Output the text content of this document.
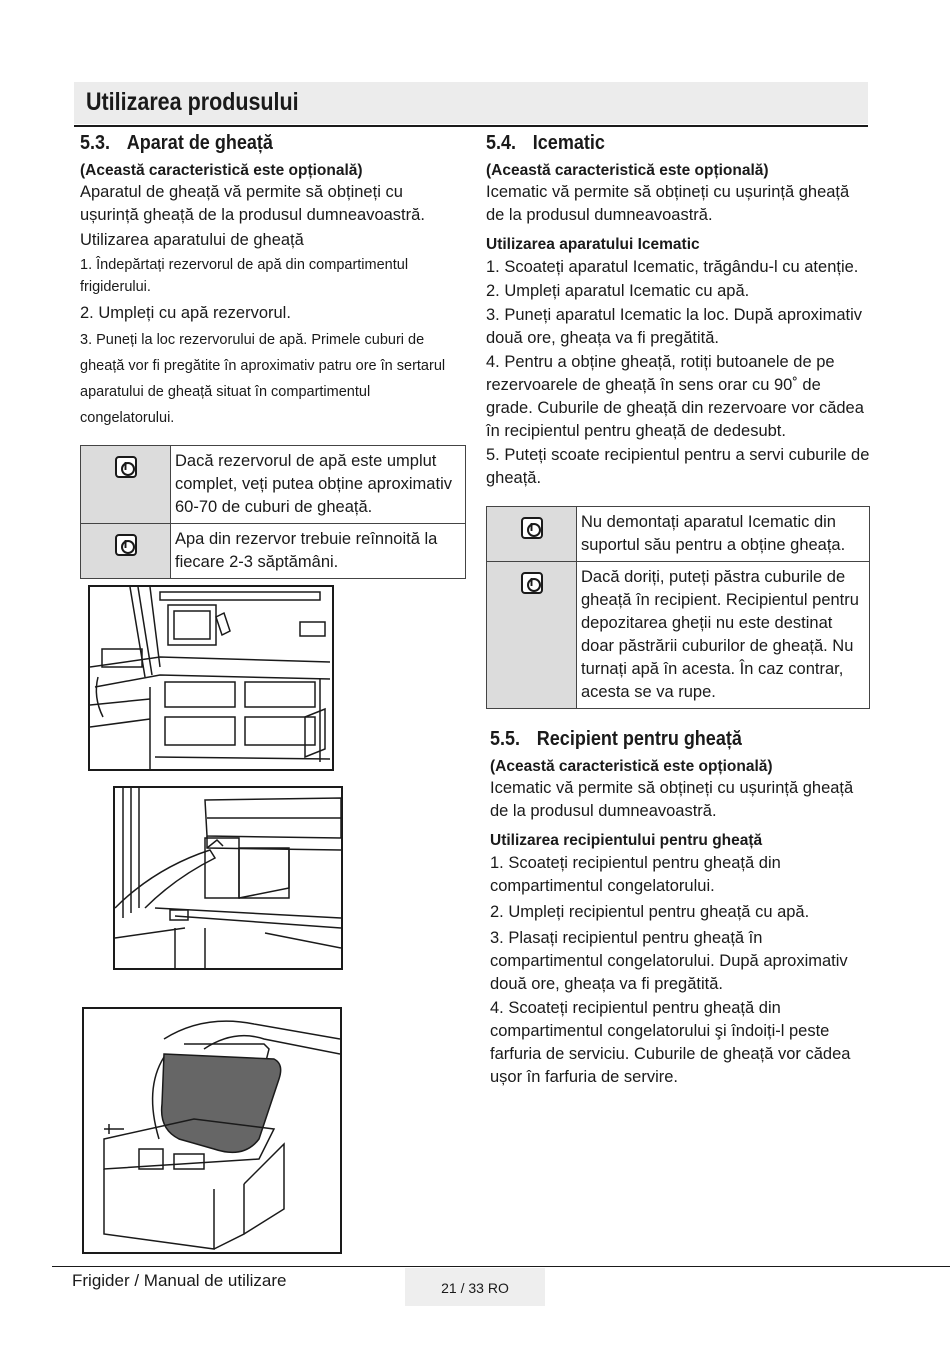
Utilizarea produsului
5.3. Aparat de gheață
(Această caracteristică este opțională)
Aparatul de gheață vă permite să obțineți cu ușurință gheață de la produsul dumneavoastră.
Utilizarea aparatului de gheață
1. Îndepărtați rezervorul de apă din compartimentul frigiderului.
2. Umpleți cu apă rezervorul.
3. Puneți la loc rezervorului de apă. Primele cuburi de gheață vor fi pregătite în aproximativ patru ore în sertarul aparatului de gheață situat în compartimentul congelatorului.
i
Dacă rezervorul de apă este umplut complet, veți putea obține aproximativ 60-70 de cuburi de gheață.
i
Apa din rezervor trebuie reînnoită la fiecare 2-3 săptămâni.
5.4. Icematic
(Această caracteristică este opțională)
Icematic vă permite să obțineți cu ușurință gheață de la produsul dumneavoastră.
Utilizarea aparatului Icematic
1. Scoateți aparatul Icematic, trăgându-l cu atenție.
2. Umpleți aparatul Icematic cu apă.
3. Puneți aparatul Icematic la loc. După aproximativ două ore, gheața va fi pregătită.
4. Pentru a obține gheață, rotiți butoanele de pe rezervoarele de gheață în sens orar cu 90˚ de grade. Cuburile de gheață din rezervoare vor cădea în recipientul pentru gheață de dedesubt.
5. Puteți scoate recipientul pentru a servi cuburile de gheață.
i
Nu demontați aparatul Icematic din suportul său pentru a obține gheața.
i
Dacă doriți, puteți păstra cuburile de gheață în recipient. Recipientul pentru depozitarea gheții nu este destinat doar păstrării cuburilor de gheață. Nu turnați apă în acesta. În caz contrar, acesta se va rupe.
5.5. Recipient pentru gheață
(Această caracteristică este opțională)
Icematic vă permite să obțineți cu ușurință gheață de la produsul dumneavoastră.
Utilizarea recipientului pentru gheață
1. Scoateți recipientul pentru gheață din compartimentul congelatorului.
2. Umpleți recipientul pentru gheață cu apă.
3. Plasați recipientul pentru gheață în compartimentul congelatorului. După aproximativ două ore, gheața va fi pregătită.
4. Scoateți recipientul pentru gheață din compartimentul congelatorului şi îndoiți-l peste farfuria de serviciu. Cuburile de gheață vor cădea ușor în farfuria de servire.
Frigider / Manual de utilizare	21 / 33 RO
